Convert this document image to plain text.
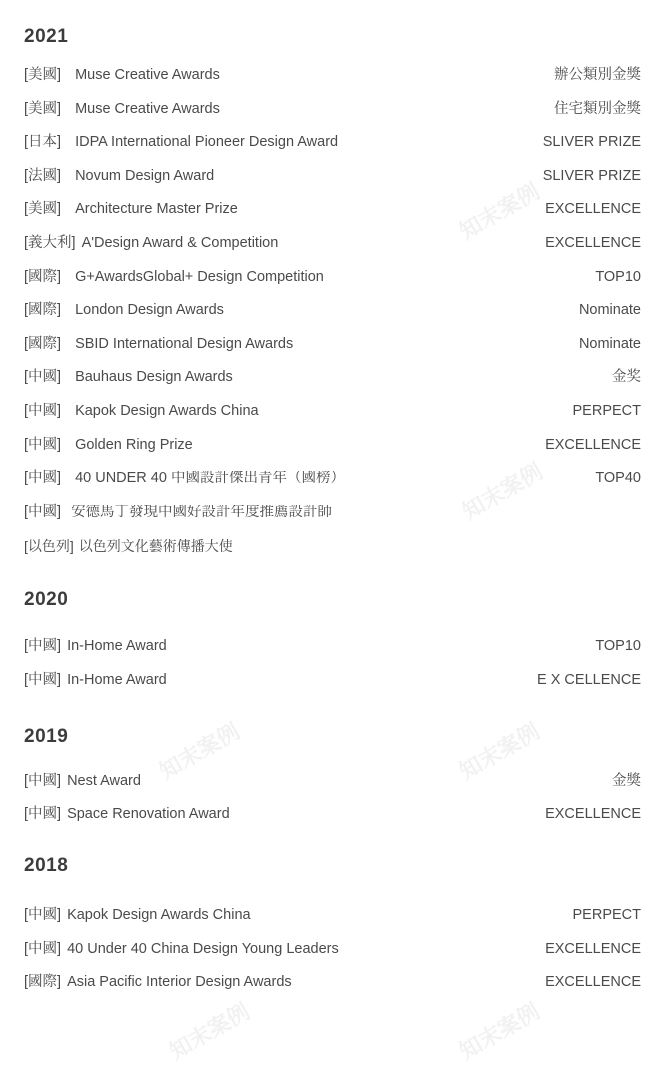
2021
[美國] Muse Creative Awards	辦公類別金獎
[美國] Muse Creative Awards	住宅類別金獎
[日本] IDPA International Pioneer Design Award	SLIVER PRIZE
[法國] Novum Design Award	SLIVER PRIZE
[美國] Architecture Master Prize	EXCELLENCE
[義大利] A'Design Award & Competition	EXCELLENCE
[國際] G+AwardsGlobal+ Design Competition	TOP10
[國際] London Design Awards	Nominate
[國際] SBID International Design Awards	Nominate
[中國] Bauhaus Design Awards	金奖
[中國] Kapok Design Awards China	PERPECT
[中國] Golden Ring Prize	EXCELLENCE
[中國] 40 UNDER 40 中國設計傑出青年（國榜）	TOP40
[中國] 安德馬丁發現中國好設計年度推薦設計師
[以色列] 以色列文化藝術傳播大使
2020
[中國] In-Home Award	TOP10
[中國] In-Home Award	E X CELLENCE
2019
[中國] Nest Award	金獎
[中國] Space Renovation Award	EXCELLENCE
2018
[中國] Kapok Design Awards China	PERPECT
[中國] 40 Under 40 China Design Young Leaders	EXCELLENCE
[國際] Asia Pacific Interior Design Awards	EXCELLENCE
知末案例
知末案例
知末案例	知末案例
知末案例	知末案例
